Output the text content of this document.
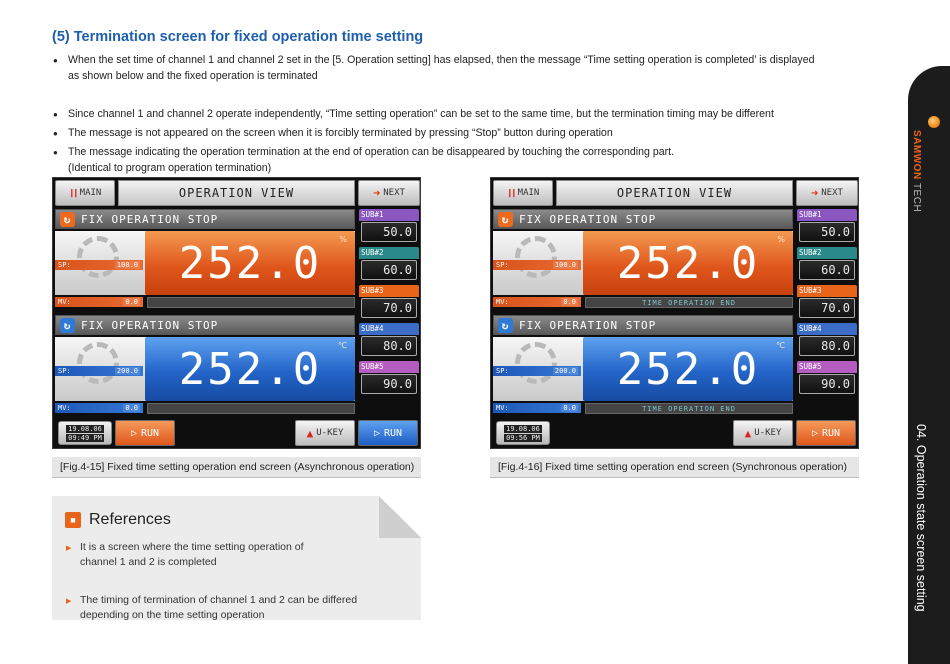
(5) Termination screen for fixed operation time setting
● When the set time of channel 1 and channel 2 set in the [5. Operation setting] has elapsed, then the message “Time setting operation is completed’ is displayed
as shown below and the fixed operation is terminated
● Since channel 1 and channel 2 operate independently, “Time setting operation” can be set to the same time, but the termination timing may be different
● The message is not appeared on the screen when it is forcibly terminated by pressing “Stop” button during operation
● The message indicating the operation termination at the end of operation can be disappeared by touching the corresponding part.
(Identical to program operation termination)	SAMWON TECH
04. Operation state screen setting
❙❙ MAIN	OPERATION VIEW	➜ NEXT
↻ FIX OPERATION STOP
252.0 %
SP:	100.0
MV:	0.0
↻ FIX OPERATION STOP
252.0 ℃
SP:	200.0
MV:	0.0
SUB#1
50.0
SUB#2
60.0
SUB#3
70.0
SUB#4
80.0
SUB#5
90.0
19.08.06
09:49 PM	▷ RUN	▲ U-KEY	▷ RUN
❙❙ MAIN	OPERATION VIEW	➜ NEXT
↻ FIX OPERATION STOP
252.0 %
SP:	100.0
MV:	0.0	TIME OPERATION END
↻ FIX OPERATION STOP
252.0 ℃
SP:	200.0
MV:	0.0	TIME OPERATION END
SUB#1
50.0
SUB#2
60.0
SUB#3
70.0
SUB#4
80.0
SUB#5
90.0
19.08.06
09:56 PM	▲ U-KEY	▷ RUN
[Fig.4-15] Fixed time setting operation end screen (Asynchronous operation)	[Fig.4-16] Fixed time setting operation end screen (Synchronous operation)
■ References
▶ It is a screen where the time setting operation of
channel 1 and 2 is completed
▶ The timing of termination of channel 1 and 2 can be differed
depending on the time setting operation
